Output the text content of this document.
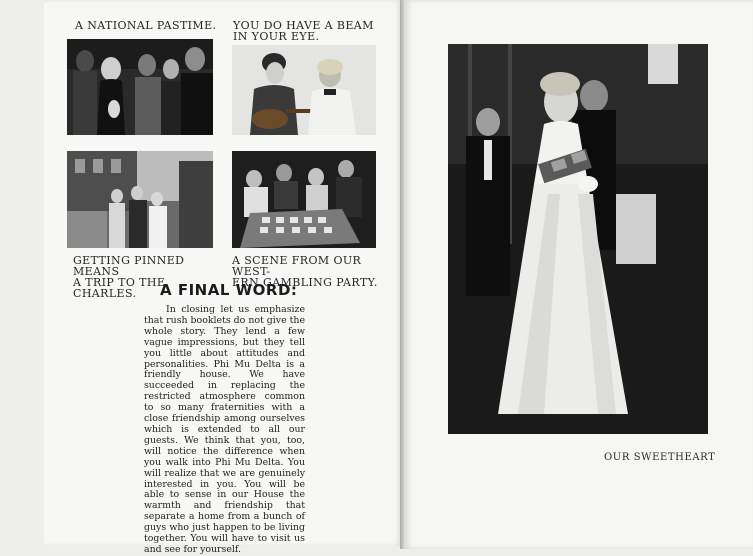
A NATIONAL PASTIME.	YOU DO HAVE A BEAM
IN YOUR EYE.
GETTING PINNED MEANS
A TRIP TO THE CHARLES.
A SCENE FROM OUR WEST-
ERN GAMBLING PARTY.
A FINAL WORD:

In closing let us emphasize that rush booklets do not give the whole story. They lend a few vague impressions, but they tell you little about attitudes and personalities. Phi Mu Delta is a friendly house. We have succeeded in replacing the restricted atmosphere common to so many fraternities with a close friendship among ourselves which is extended to all our guests. We think that you, too, will notice the difference when you walk into Phi Mu Delta. You will realize that we are genuinely interested in you. You will be able to sense in our House the warmth and friendship that separate a home from a bunch of guys who just happen to be living together. You will have to visit us and see for yourself.

OUR SWEETHEART
